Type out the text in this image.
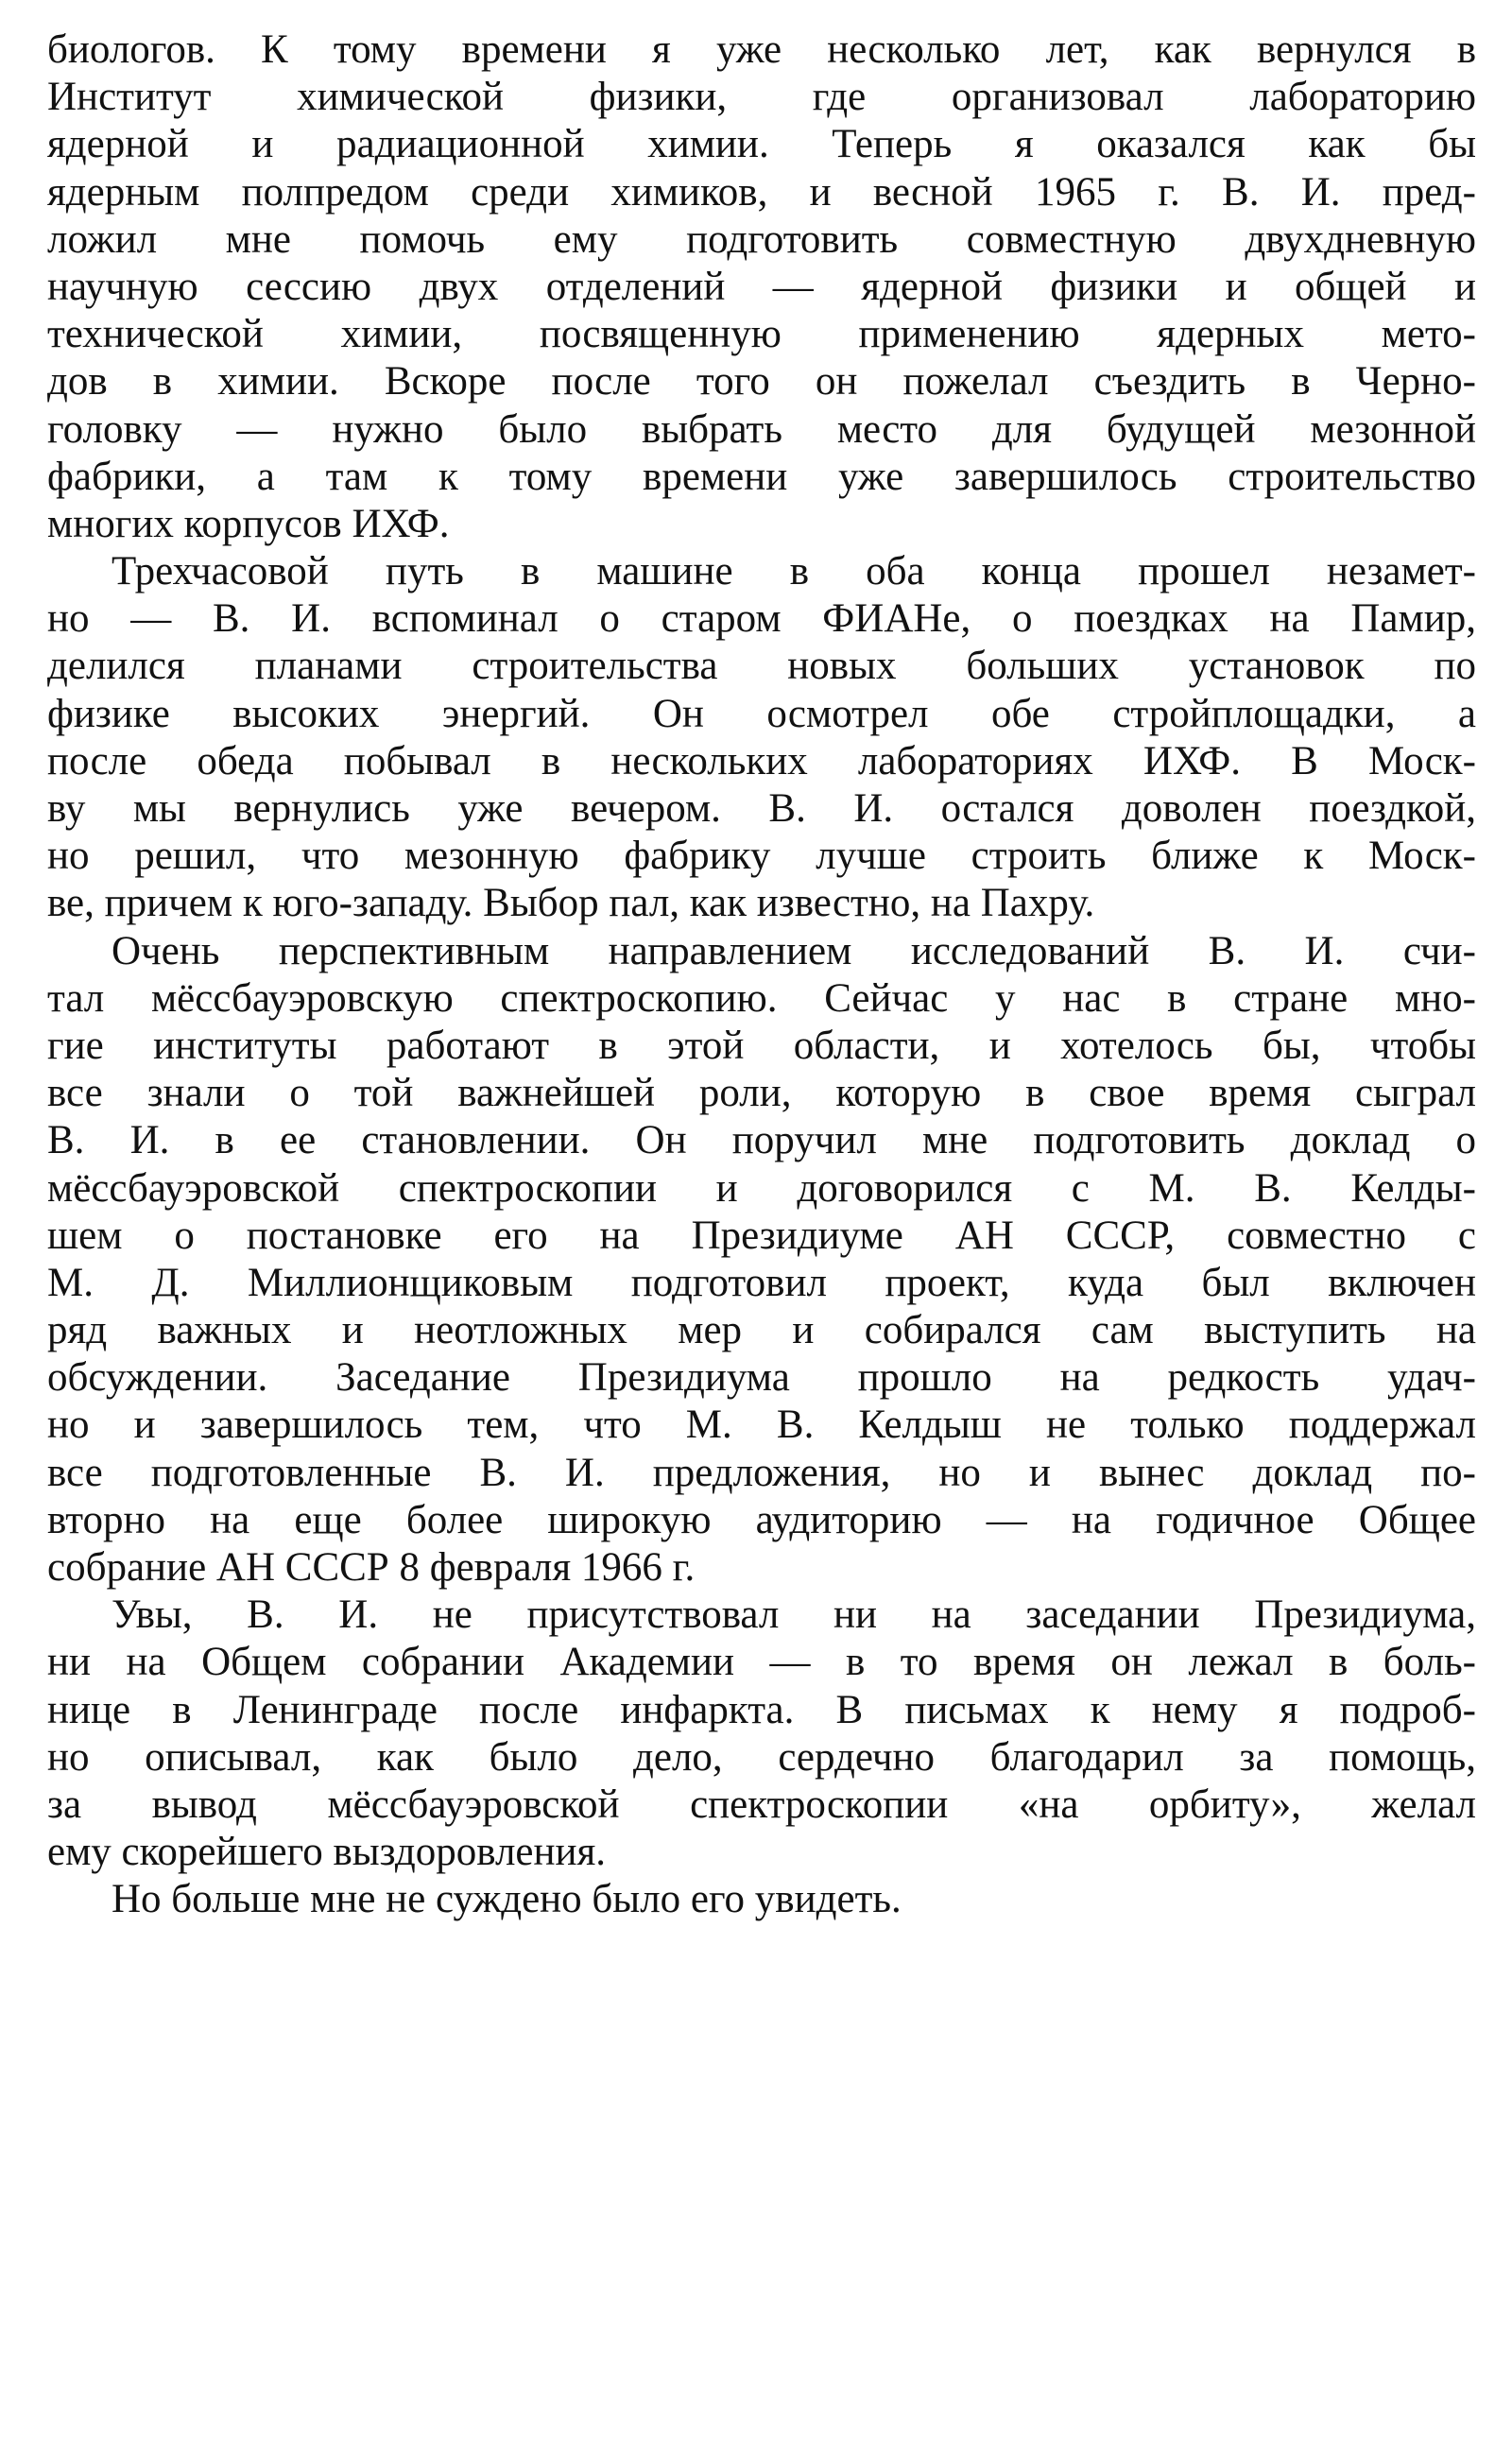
биологов. К тому времени я уже несколько лет, как вернулся в
Институт химической физики, где организовал лабораторию
ядерной и радиационной химии. Теперь я оказался как бы
ядерным полпредом среди химиков, и весной 1965 г. В. И. пред-
ложил мне помочь ему подготовить совместную двухдневную
научную сессию двух отделений — ядерной физики и общей и
технической химии, посвященную применению ядерных мето-
дов в химии. Вскоре после того он пожелал съездить в Черно-
головку — нужно было выбрать место для будущей мезонной
фабрики, а там к тому времени уже завершилось строительство
многих корпусов ИХФ.
Трехчасовой путь в машине в оба конца прошел незамет-
но — В. И. вспоминал о старом ФИАНе, о поездках на Памир,
делился планами строительства новых больших установок по
физике высоких энергий. Он осмотрел обе стройплощадки, а
после обеда побывал в нескольких лабораториях ИХФ. В Моск-
ву мы вернулись уже вечером. В. И. остался доволен поездкой,
но решил, что мезонную фабрику лучше строить ближе к Моск-
ве, причем к юго-западу. Выбор пал, как известно, на Пахру.
Очень перспективным направлением исследований В. И. счи-
тал мёссбауэровскую спектроскопию. Сейчас у нас в стране мно-
гие институты работают в этой области, и хотелось бы, чтобы
все знали о той важнейшей роли, которую в свое время сыграл
В. И. в ее становлении. Он поручил мне подготовить доклад о
мёссбауэровской спектроскопии и договорился с М. В. Келды-
шем о постановке его на Президиуме АН СССР, совместно с
М. Д. Миллионщиковым подготовил проект, куда был включен
ряд важных и неотложных мер и собирался сам выступить на
обсуждении. Заседание Президиума прошло на редкость удач-
но и завершилось тем, что М. В. Келдыш не только поддержал
все подготовленные В. И. предложения, но и вынес доклад по-
вторно на еще более широкую аудиторию — на годичное Общее
собрание АН СССР 8 февраля 1966 г.
Увы, В. И. не присутствовал ни на заседании Президиума,
ни на Общем собрании Академии — в то время он лежал в боль-
нице в Ленинграде после инфаркта. В письмах к нему я подроб-
но описывал, как было дело, сердечно благодарил за помощь,
за вывод мёссбауэровской спектроскопии «на орбиту», желал
ему скорейшего выздоровления.
Но больше мне не суждено было его увидеть.
